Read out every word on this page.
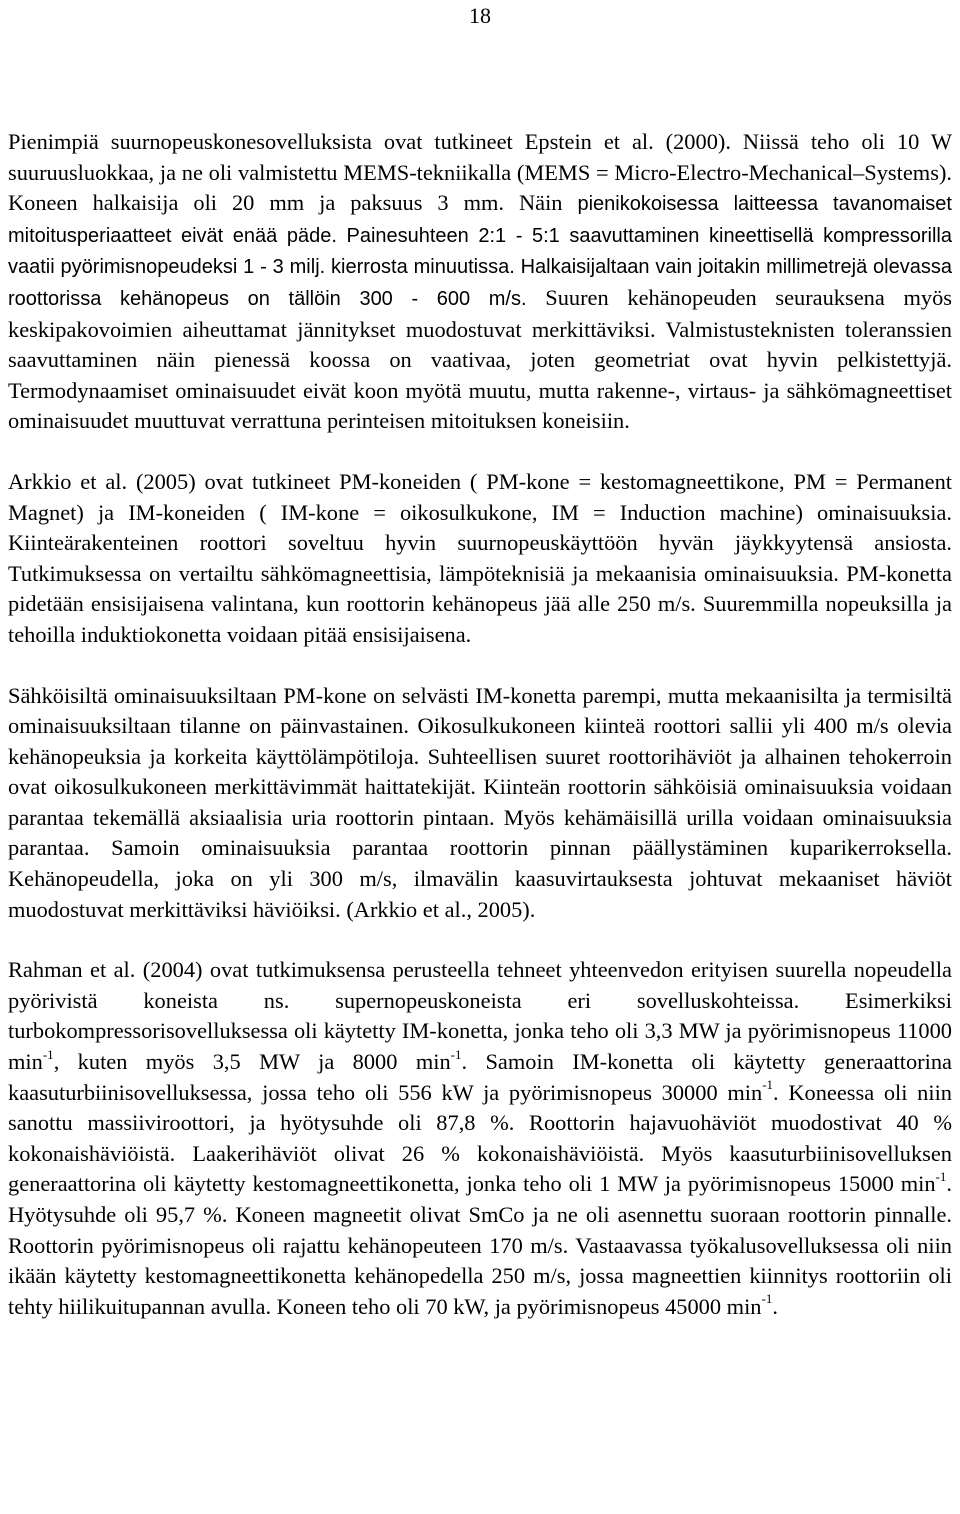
18

Pienimpiä suurnopeuskonesovelluksista ovat tutkineet Epstein et al. (2000). Niissä teho oli 10 W suuruusluokkaa, ja ne oli valmistettu MEMS-tekniikalla (MEMS = Micro-Electro-Mechanical–Systems). Koneen halkaisija oli 20 mm ja paksuus 3 mm. Näin pienikokoisessa laitteessa tavanomaiset mitoitusperiaatteet eivät enää päde. Painesuhteen 2:1 - 5:1 saavuttaminen kineettisellä kompressorilla vaatii pyörimisnopeudeksi 1 - 3 milj. kierrosta minuutissa. Halkaisijaltaan vain joitakin millimetrejä olevassa roottorissa kehänopeus on tällöin 300 - 600 m/s. Suuren kehänopeuden seurauksena myös keskipakovoimien aiheuttamat jännitykset muodostuvat merkittäviksi. Valmistusteknisten toleranssien saavuttaminen näin pienessä koossa on vaativaa, joten geometriat ovat hyvin pelkistettyjä. Termodynaamiset ominaisuudet eivät koon myötä muutu, mutta rakenne-, virtaus- ja sähkömagneettiset ominaisuudet muuttuvat verrattuna perinteisen mitoituksen koneisiin.

Arkkio et al. (2005) ovat tutkineet PM-koneiden ( PM-kone = kestomagneettikone, PM = Permanent Magnet) ja IM-koneiden ( IM-kone = oikosulkukone, IM = Induction machine) ominaisuuksia. Kiinteärakenteinen roottori soveltuu hyvin suurnopeuskäyttöön hyvän jäykkyytensä ansiosta. Tutkimuksessa on vertailtu sähkömagneettisia, lämpöteknisiä ja mekaanisia ominaisuuksia. PM-konetta pidetään ensisijaisena valintana, kun roottorin kehänopeus jää alle 250 m/s. Suuremmilla nopeuksilla ja tehoilla induktiokonetta voidaan pitää ensisijaisena.

Sähköisiltä ominaisuuksiltaan PM-kone on selvästi IM-konetta parempi, mutta mekaanisilta ja termisiltä ominaisuuksiltaan tilanne on päinvastainen. Oikosulkukoneen kiinteä roottori sallii yli 400 m/s olevia kehänopeuksia ja korkeita käyttölämpötiloja. Suhteellisen suuret roottorihäviöt ja alhainen tehokerroin ovat oikosulkukoneen merkittävimmät haittatekijät. Kiinteän roottorin sähköisiä ominaisuuksia voidaan parantaa tekemällä aksiaalisia uria roottorin pintaan. Myös kehämäisillä urilla voidaan ominaisuuksia parantaa. Samoin ominaisuuksia parantaa roottorin pinnan päällystäminen kuparikerroksella. Kehänopeudella, joka on yli 300 m/s, ilmavälin kaasuvirtauksesta johtuvat mekaaniset häviöt muodostuvat merkittäviksi häviöiksi. (Arkkio et al., 2005).

Rahman et al. (2004) ovat tutkimuksensa perusteella tehneet yhteenvedon erityisen suurella nopeudella pyörivistä koneista ns. supernopeuskoneista eri sovelluskohteissa. Esimerkiksi turbokompressorisovelluksessa oli käytetty IM-konetta, jonka teho oli 3,3 MW ja pyörimisnopeus 11000 $\min^{-1}$, kuten myös 3,5 MW ja 8000 $\min^{-1}$. Samoin IM-konetta oli käytetty generaattorina kaasuturbiinisovelluksessa, jossa teho oli 556 kW ja pyörimisnopeus 30000 $\min^{-1}$. Koneessa oli niin sanottu massiiviroottori, ja hyötysuhde oli 87,8 %. Roottorin hajavuohäviöt muodostivat 40 % kokonaishäviöistä. Laakerihäviöt olivat 26 % kokonaishäviöistä. Myös kaasuturbiinisovelluksen generaattorina oli käytetty kestomagneettikonetta, jonka teho oli 1 MW ja pyörimisnopeus 15000 $\min^{-1}$. Hyötysuhde oli 95,7 %. Koneen magneetit olivat SmCo ja ne oli asennettu suoraan roottorin pinnalle. Roottorin pyörimisnopeus oli rajattu kehänopeuteen 170 m/s. Vastaavassa työkalusovelluksessa oli niin ikään käytetty kestomagneettikonetta kehänopedella 250 m/s, jossa magneettien kiinnitys roottoriin oli tehty hiilikuitupannan avulla. Koneen teho oli 70 kW, ja pyörimisnopeus 45000 $\min^{-1}$.
